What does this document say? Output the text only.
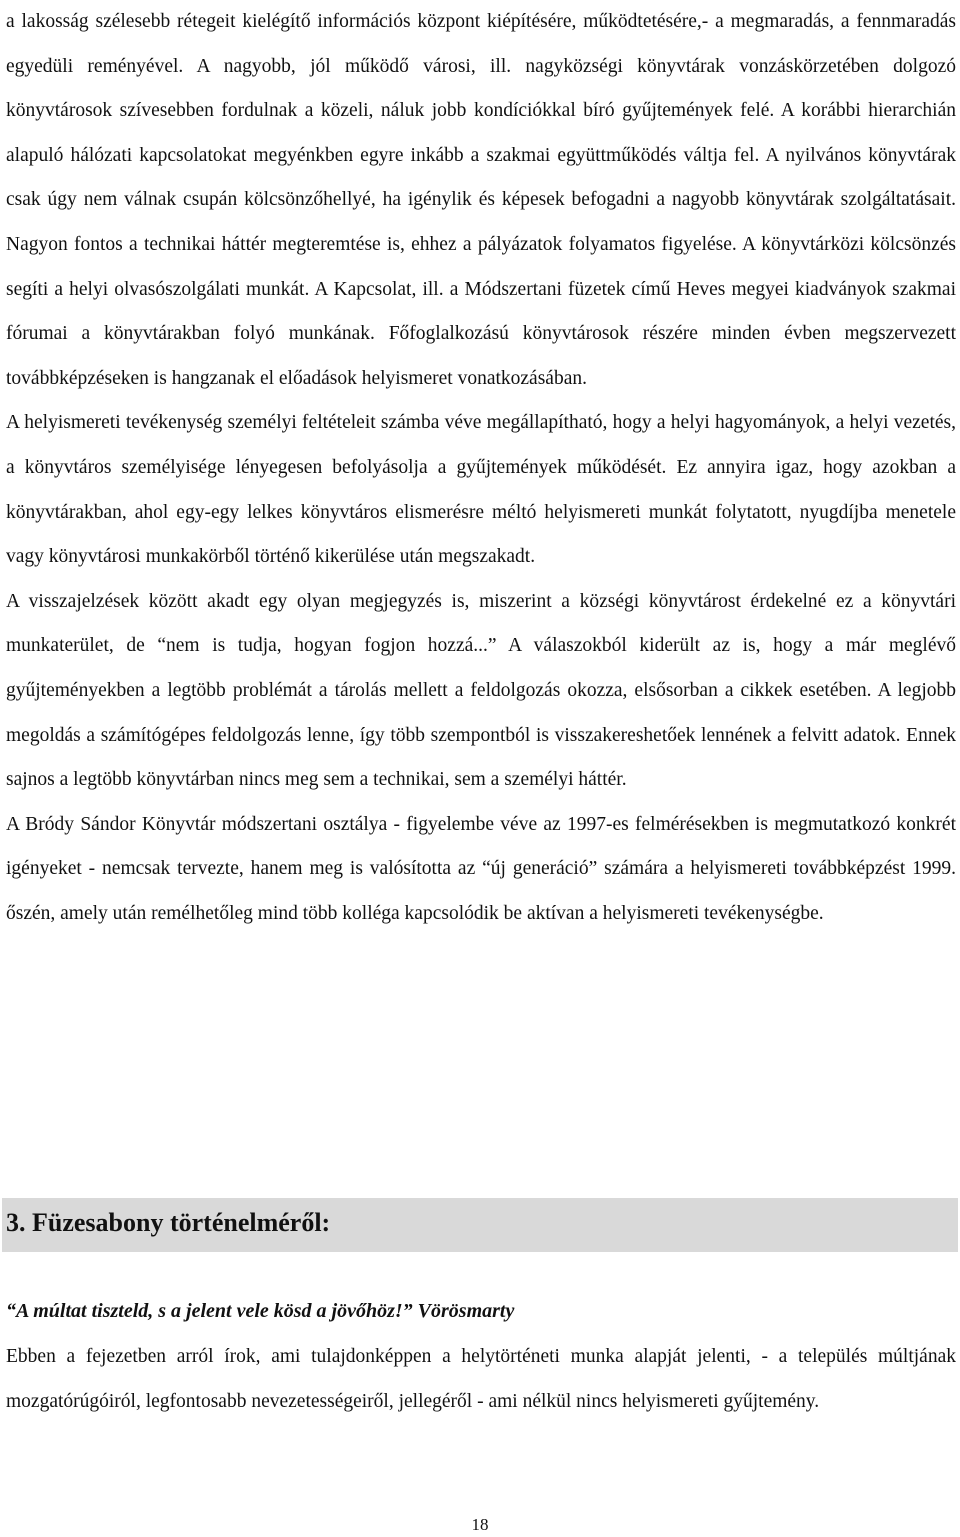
a lakosság szélesebb rétegeit kielégítő információs központ kiépítésére, működtetésére,- a megmaradás, a fennmaradás egyedüli reményével. A nagyobb, jól működő városi, ill. nagyközségi könyvtárak vonzáskörzetében dolgozó könyvtárosok szívesebben fordulnak a közeli, náluk jobb kondíciókkal bíró gyűjtemények felé. A korábbi hierarchián alapuló hálózati kapcsolatokat megyénkben egyre inkább a szakmai együttműködés váltja fel. A nyilvános könyvtárak csak úgy nem válnak csupán kölcsönzőhellyé, ha igénylik és képesek befogadni a nagyobb könyvtárak szolgáltatásait. Nagyon fontos a technikai háttér megteremtése is, ehhez a pályázatok folyamatos figyelése. A könyvtárközi kölcsönzés segíti a helyi olvasószolgálati munkát. A Kapcsolat, ill. a Módszertani füzetek című Heves megyei kiadványok szakmai fórumai a könyvtárakban folyó munkának. Főfoglalkozású könyvtárosok részére minden évben megszervezett továbbképzéseken is hangzanak el előadások helyismeret vonatkozásában.

A helyismereti tevékenység személyi feltételeit számba véve megállapítható, hogy a helyi hagyományok, a helyi vezetés, a könyvtáros személyisége lényegesen befolyásolja a gyűjtemények működését. Ez annyira igaz, hogy azokban a könyvtárakban, ahol egy-egy lelkes könyvtáros elismerésre méltó helyismereti munkát folytatott, nyugdíjba menetele vagy könyvtárosi munkakörből történő kikerülése után megszakadt.

A visszajelzések között akadt egy olyan megjegyzés is, miszerint a községi könyvtárost érdekelné ez a könyvtári munkaterület, de “nem is tudja, hogyan fogjon hozzá...” A válaszokból kiderült az is, hogy a már meglévő gyűjteményekben a legtöbb problémát a tárolás mellett a feldolgozás okozza, elsősorban a cikkek esetében. A legjobb megoldás a számítógépes feldolgozás lenne, így több szempontból is visszakereshetőek lennének a felvitt adatok. Ennek sajnos a legtöbb könyvtárban nincs meg sem a technikai, sem a személyi háttér.

A Bródy Sándor Könyvtár módszertani osztálya - figyelembe véve az 1997-es felmérésekben is megmutatkozó konkrét igényeket - nemcsak tervezte, hanem meg is valósította az “új generáció” számára a helyismereti továbbképzést 1999. őszén, amely után remélhetőleg mind több kolléga kapcsolódik be aktívan a helyismereti tevékenységbe.

3. Füzesabony történelméről:

“A múltat tiszteld, s a jelent vele kösd a jövőhöz!” Vörösmarty

Ebben a fejezetben arról írok, ami tulajdonképpen a helytörténeti munka alapját jelenti, - a település múltjának mozgatórúgóiról, legfontosabb nevezetességeiről, jellegéről - ami nélkül nincs helyismereti gyűjtemény.

18
